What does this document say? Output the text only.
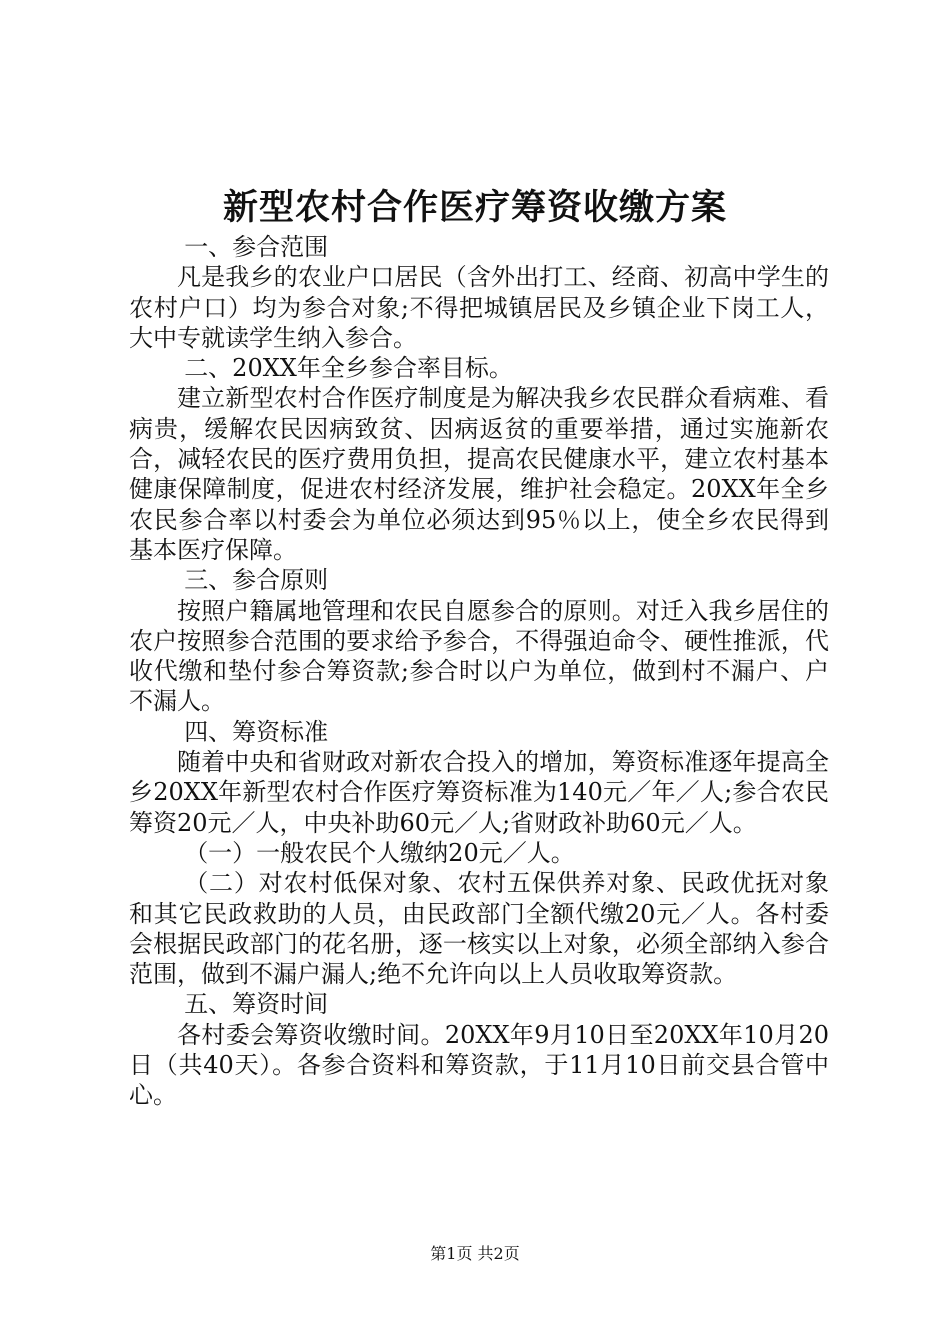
新型农村合作医疗筹资收缴方案

一、参合范围

凡是我乡的农业户口居民（含外出打工、经商、初高中学生的农村户口）均为参合对象;不得把城镇居民及乡镇企业下岗工人，大中专就读学生纳入参合。

二、20XX年全乡参合率目标。

建立新型农村合作医疗制度是为解决我乡农民群众看病难、看病贵，缓解农民因病致贫、因病返贫的重要举措，通过实施新农合，减轻农民的医疗费用负担，提高农民健康水平，建立农村基本健康保障制度，促进农村经济发展，维护社会稳定。20XX年全乡农民参合率以村委会为单位必须达到95％以上，使全乡农民得到基本医疗保障。

三、参合原则

按照户籍属地管理和农民自愿参合的原则。对迁入我乡居住的农户按照参合范围的要求给予参合，不得强迫命令、硬性推派，代收代缴和垫付参合筹资款;参合时以户为单位，做到村不漏户、户不漏人。

四、筹资标准

随着中央和省财政对新农合投入的增加，筹资标准逐年提高全乡20XX年新型农村合作医疗筹资标准为140元／年／人;参合农民筹资20元／人，中央补助60元／人;省财政补助60元／人。

（一）一般农民个人缴纳20元／人。

（二）对农村低保对象、农村五保供养对象、民政优抚对象和其它民政救助的人员，由民政部门全额代缴20元／人。各村委会根据民政部门的花名册，逐一核实以上对象，必须全部纳入参合范围，做到不漏户漏人;绝不允许向以上人员收取筹资款。

五、筹资时间

各村委会筹资收缴时间。20XX年9月10日至20XX年10月20日（共40天）。各参合资料和筹资款，于11月10日前交县合管中心。

第1页 共2页
